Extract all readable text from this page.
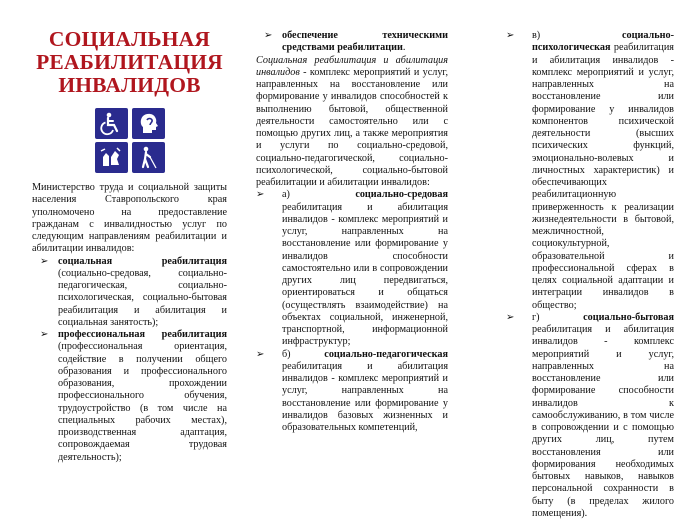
СОЦИАЛЬНАЯ
РЕАБИЛИТАЦИЯ
ИНВАЛИДОВ

Министерство труда и социальной защиты населения Ставропольского края уполномочено на предоставление гражданам с инвалидностью услуг по следующим направлениям реабилитации и абилитации инвалидов:

➢ социальная реабилитация (социально-средовая, социально-педагогическая, социально-психологическая, социально-бытовая реабилитация и абилитация и социальная занятость);

➢ профессиональная реабилитация (профессиональная ориентация, содействие в получении общего образования и профессионального образования, прохождении профессионального обучения, трудоустройство (в том числе на специальных рабочих местах), производственная адаптация, сопровождаемая трудовая деятельность);

➢ обеспечение техническими средствами реабилитации.

Социальная реабилитация и абилитация инвалидов - комплекс мероприятий и услуг, направленных на восстановление или формирование у инвалидов способностей к выполнению бытовой, общественной деятельности самостоятельно или с помощью других лиц, а также мероприятия и услуги по социально-средовой, социально-педагогической, социально-психологической, социально-бытовой реабилитации и абилитации инвалидов:

➢ а)	социально-средовая реабилитация и абилитация инвалидов - комплекс мероприятий и услуг, направленных на восстановление или формирование у инвалидов способности самостоятельно или в сопровождении других лиц передвигаться, ориентироваться и общаться (осуществлять взаимодействие) на объектах социальной, инженерной, транспортной, информационной инфраструктур;

➢ б)	социально-педагогическая реабилитация и абилитация инвалидов - комплекс мероприятий и услуг, направленных на восстановление или формирование у инвалидов базовых жизненных и образовательных компетенций,

➢ в)	социально-психологическая реабилитация и абилитация инвалидов - комплекс мероприятий и услуг, направленных на восстановление или формирование у инвалидов компонентов психической деятельности (высших психических функций, эмоционально-волевых и личностных характеристик) и обеспечивающих реабилитационную приверженность к реализации жизнедеятельности в бытовой, межличностной, социокультурной, образовательной и профессиональной сферах в целях социальной адаптации и интеграции инвалидов в общество;

➢ г)	социально-бытовая реабилитация и абилитация инвалидов - комплекс мероприятий и услуг, направленных на восстановление или формирование способности инвалидов к самообслуживанию, в том числе в сопровождении и с помощью других лиц, путем восстановления или формирования необходимых бытовых навыков, навыков персональной сохранности в быту (в пределах жилого помещения).
